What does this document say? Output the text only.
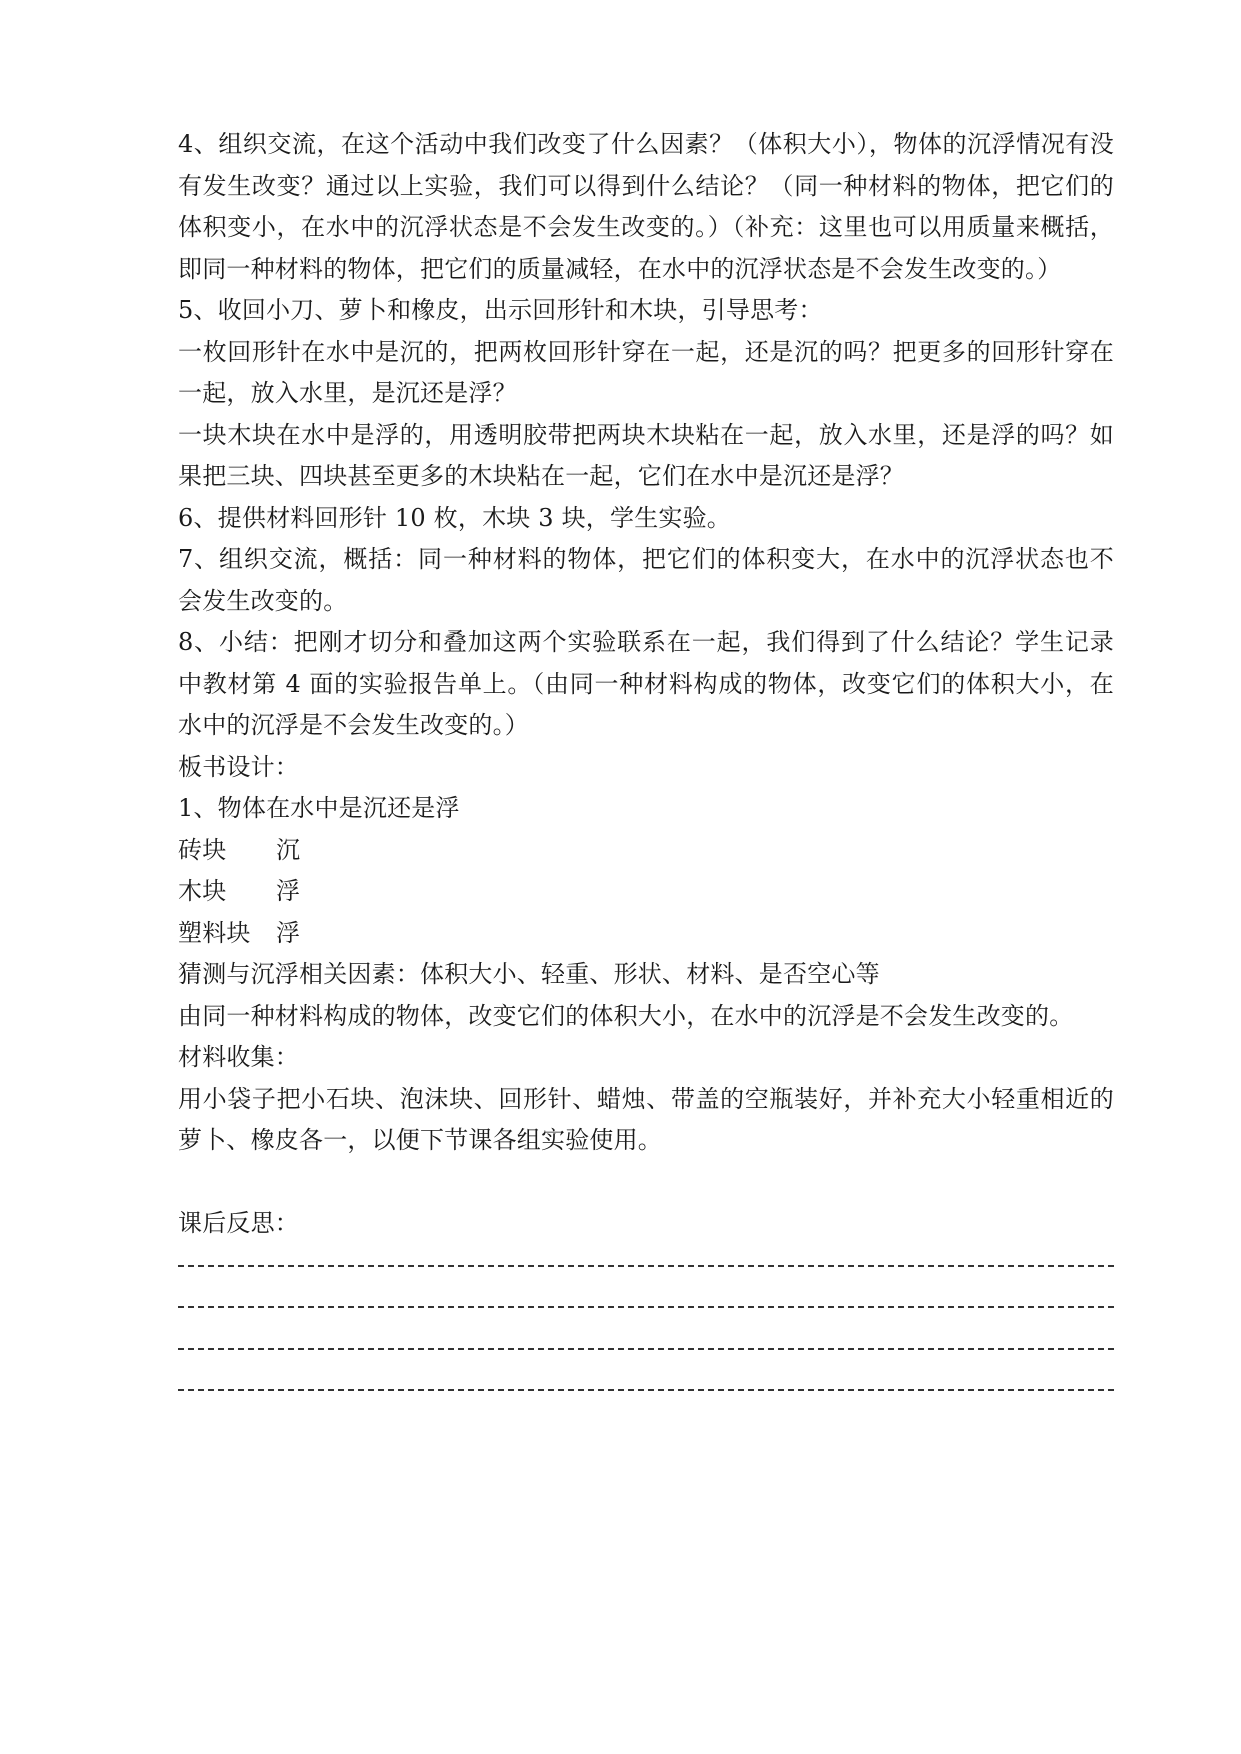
4、组织交流，在这个活动中我们改变了什么因素？（体积大小），物体的沉浮情况有没
有发生改变？通过以上实验，我们可以得到什么结论？（同一种材料的物体，把它们的
体积变小，在水中的沉浮状态是不会发生改变的。）（补充：这里也可以用质量来概括，
即同一种材料的物体，把它们的质量减轻，在水中的沉浮状态是不会发生改变的。）
5、收回小刀、萝卜和橡皮，出示回形针和木块，引导思考：
一枚回形针在水中是沉的，把两枚回形针穿在一起，还是沉的吗？把更多的回形针穿在
一起，放入水里，是沉还是浮？
一块木块在水中是浮的，用透明胶带把两块木块粘在一起，放入水里，还是浮的吗？如
果把三块、四块甚至更多的木块粘在一起，它们在水中是沉还是浮？
6、提供材料回形针 10 枚，木块 3 块，学生实验。
7、组织交流，概括：同一种材料的物体，把它们的体积变大，在水中的沉浮状态也不
会发生改变的。
8、小结：把刚才切分和叠加这两个实验联系在一起，我们得到了什么结论？学生记录
中教材第 4 面的实验报告单上。（由同一种材料构成的物体，改变它们的体积大小，在
水中的沉浮是不会发生改变的。）
板书设计：
1、物体在水中是沉还是浮
砖块	沉
木块	浮
塑料块	浮
猜测与沉浮相关因素：体积大小、轻重、形状、材料、是否空心等
由同一种材料构成的物体，改变它们的体积大小，在水中的沉浮是不会发生改变的。
材料收集：
用小袋子把小石块、泡沫块、回形针、蜡烛、带盖的空瓶装好，并补充大小轻重相近的
萝卜、橡皮各一，以便下节课各组实验使用。
课后反思：
